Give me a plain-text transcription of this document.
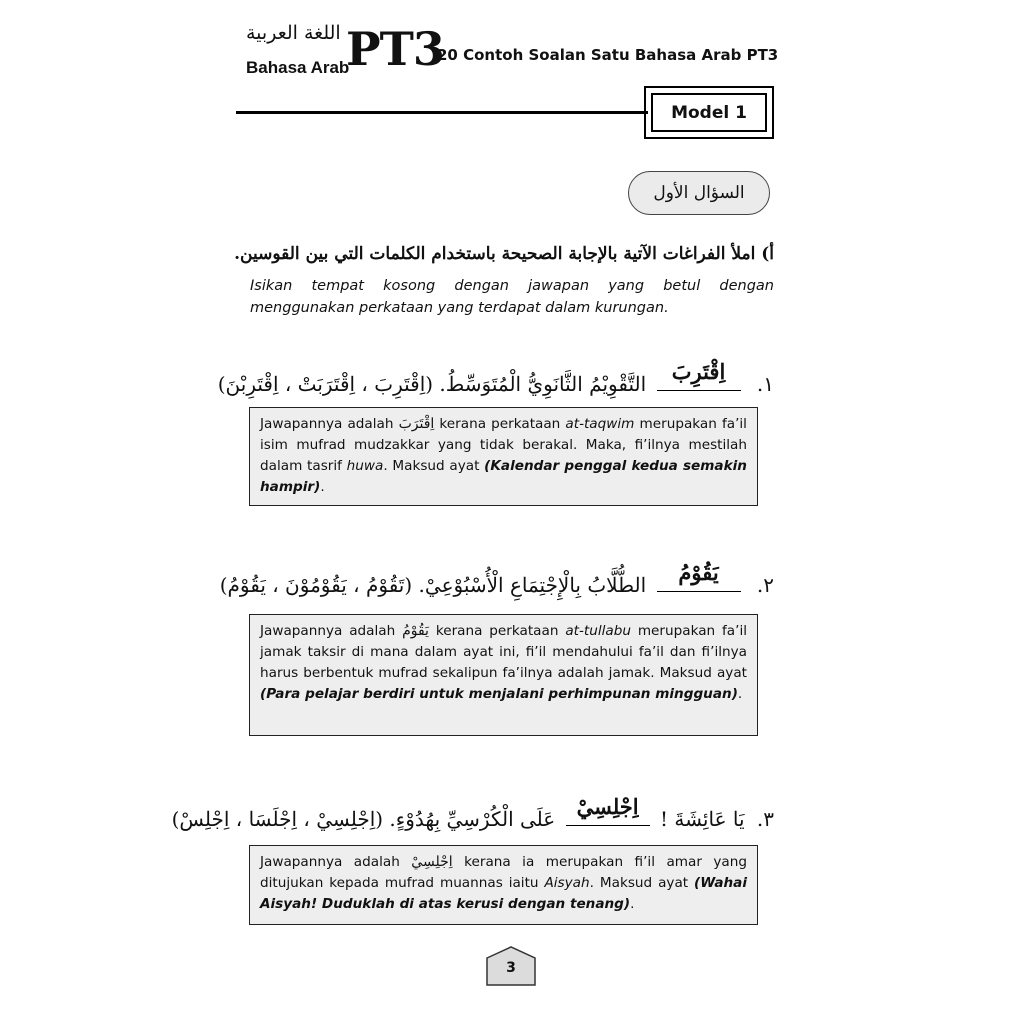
اللغة العربية
Bahasa Arab
PT3
20 Contoh Soalan Satu Bahasa Arab PT3
Model 1
السؤال الأول
أ) املأ الفراغات الآتية بالإجابة الصحيحة باستخدام الكلمات التي بين القوسين.
Isikan tempat kosong dengan jawapan yang betul dengan menggunakan perkataan yang terdapat dalam kurungan.
١.
اِقْتَرِبَ
التَّقْوِيْمُ الثَّانَوِيُّ الْمُتَوَسِّطُ. (اِقْتَرِبَ ، اِقْتَرَبَتْ ، اِقْتَرِبْنَ)
Jawapannya adalah اِقْتَرَبَ kerana perkataan at-taqwim merupakan fa’il isim mufrad mudzakkar yang tidak berakal. Maka, fi’ilnya mestilah dalam tasrif huwa. Maksud ayat (Kalendar penggal kedua semakin hampir).
٢.
يَقُوْمُ
الطُّلَّابُ بِالْإِجْتِمَاعِ الْأُسْبُوْعِيْ. (تَقُوْمُ ، يَقُوْمُوْنَ ، يَقُوْمُ)
Jawapannya adalah يَقُوْمُ kerana perkataan at-tullabu merupakan fa’il jamak taksir di mana dalam ayat ini, fi’il mendahului fa’il dan fi’ilnya harus berbentuk mufrad sekalipun fa’ilnya adalah jamak. Maksud ayat (Para pelajar berdiri untuk menjalani perhimpunan mingguan).
٣. يَا عَائِشَةَ !
اِجْلِسِيْ
عَلَى الْكُرْسِيِّ بِهُدُوْءٍ. (اِجْلِسِيْ ، اِجْلَسَا ، اِجْلِسْ)
Jawapannya adalah اِجْلِسِيْ kerana ia merupakan fi’il amar yang ditujukan kepada mufrad muannas iaitu Aisyah. Maksud ayat (Wahai Aisyah! Duduklah di atas kerusi dengan tenang).
3
